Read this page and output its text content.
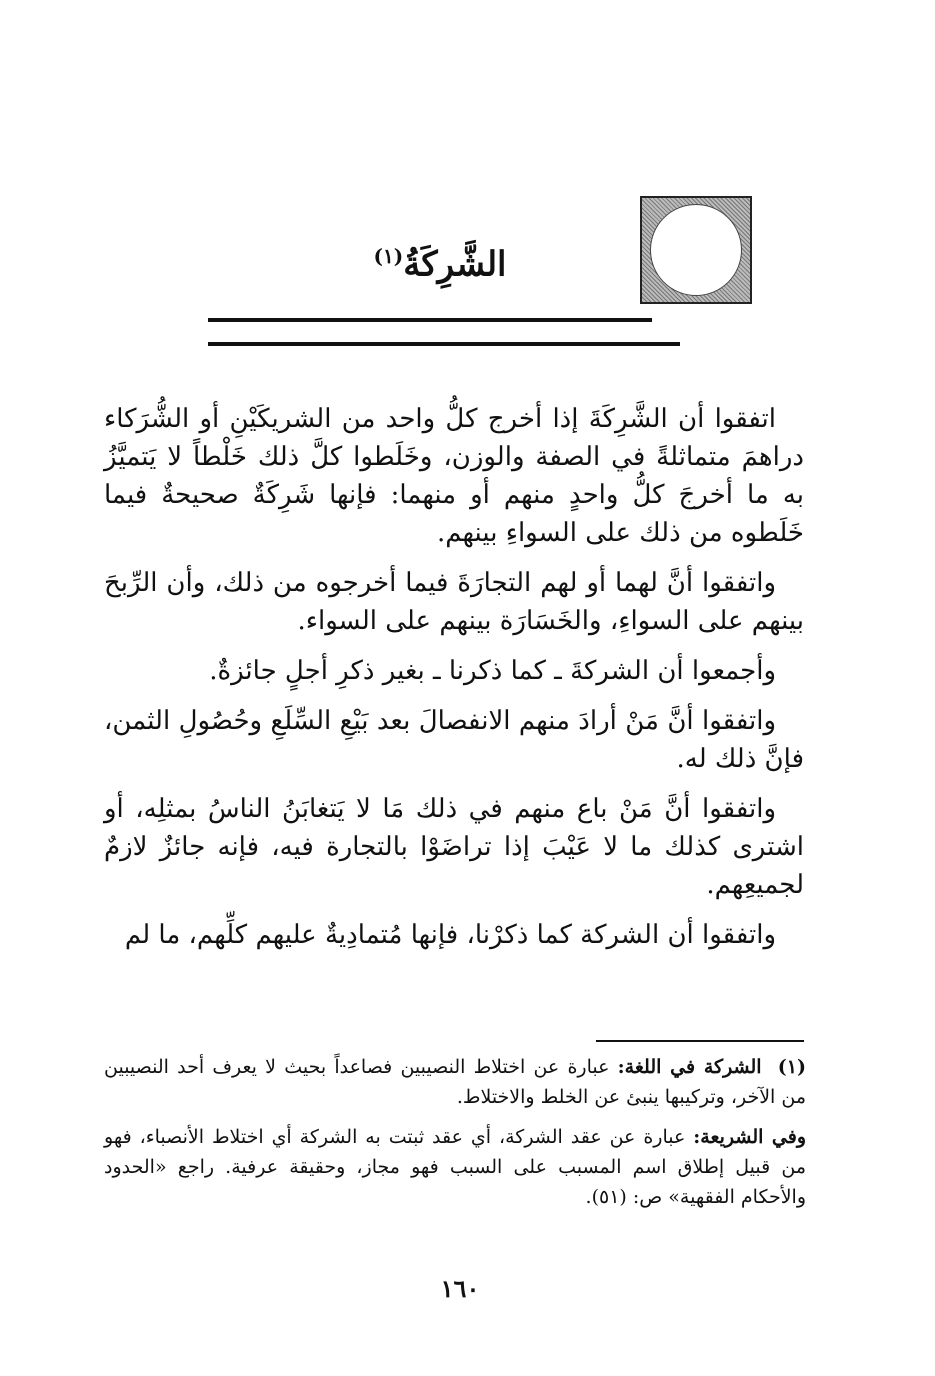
الشَّرِكَةُ$^{(١)}$

اتفقوا أن الشَّرِكَةَ إذا أخرج كلُّ واحد من الشريكَيْنِ أو الشُّرَكاء دراهمَ متماثلةً في الصفة والوزن، وخَلَطوا كلَّ ذلك خَلْطاً لا يَتميَّزُ به ما أخرجَ كلُّ واحدٍ منهم أو منهما: فإنها شَرِكَةٌ صحيحةٌ فيما خَلَطوه من ذلك على السواءِ بينهم.

واتفقوا أنَّ لهما أو لهم التجارَةَ فيما أخرجوه من ذلك، وأن الرِّبحَ بينهم على السواءِ، والخَسَارَة بينهم على السواء.

وأجمعوا أن الشركةَ ـ كما ذكرنا ـ بغير ذكرِ أجلٍ جائزةٌ.

واتفقوا أنَّ مَنْ أرادَ منهم الانفصالَ بعد بَيْعِ السِّلَعِ وحُصُولِ الثمن، فإنَّ ذلك له.

واتفقوا أنَّ مَنْ باع منهم في ذلك مَا لا يَتغابَنُ الناسُ بمثلِه، أو اشترى كذلك ما لا عَيْبَ إذا تراضَوْا بالتجارة فيه، فإنه جائزٌ لازمٌ لجميعِهم.

واتفقوا أن الشركة كما ذكرْنا، فإنها مُتمادِيةٌ عليهم كلِّهم، ما لم

(١) الشركة في اللغة: عبارة عن اختلاط النصيبين فصاعداً بحيث لا يعرف أحد النصيبين من الآخر، وتركيبها ينبئ عن الخلط والاختلاط.

وفي الشريعة: عبارة عن عقد الشركة، أي عقد ثبتت به الشركة أي اختلاط الأنصباء، فهو من قبيل إطلاق اسم المسبب على السبب فهو مجاز، وحقيقة عرفية. راجع «الحدود والأحكام الفقهية» ص: (٥١).

١٦٠
